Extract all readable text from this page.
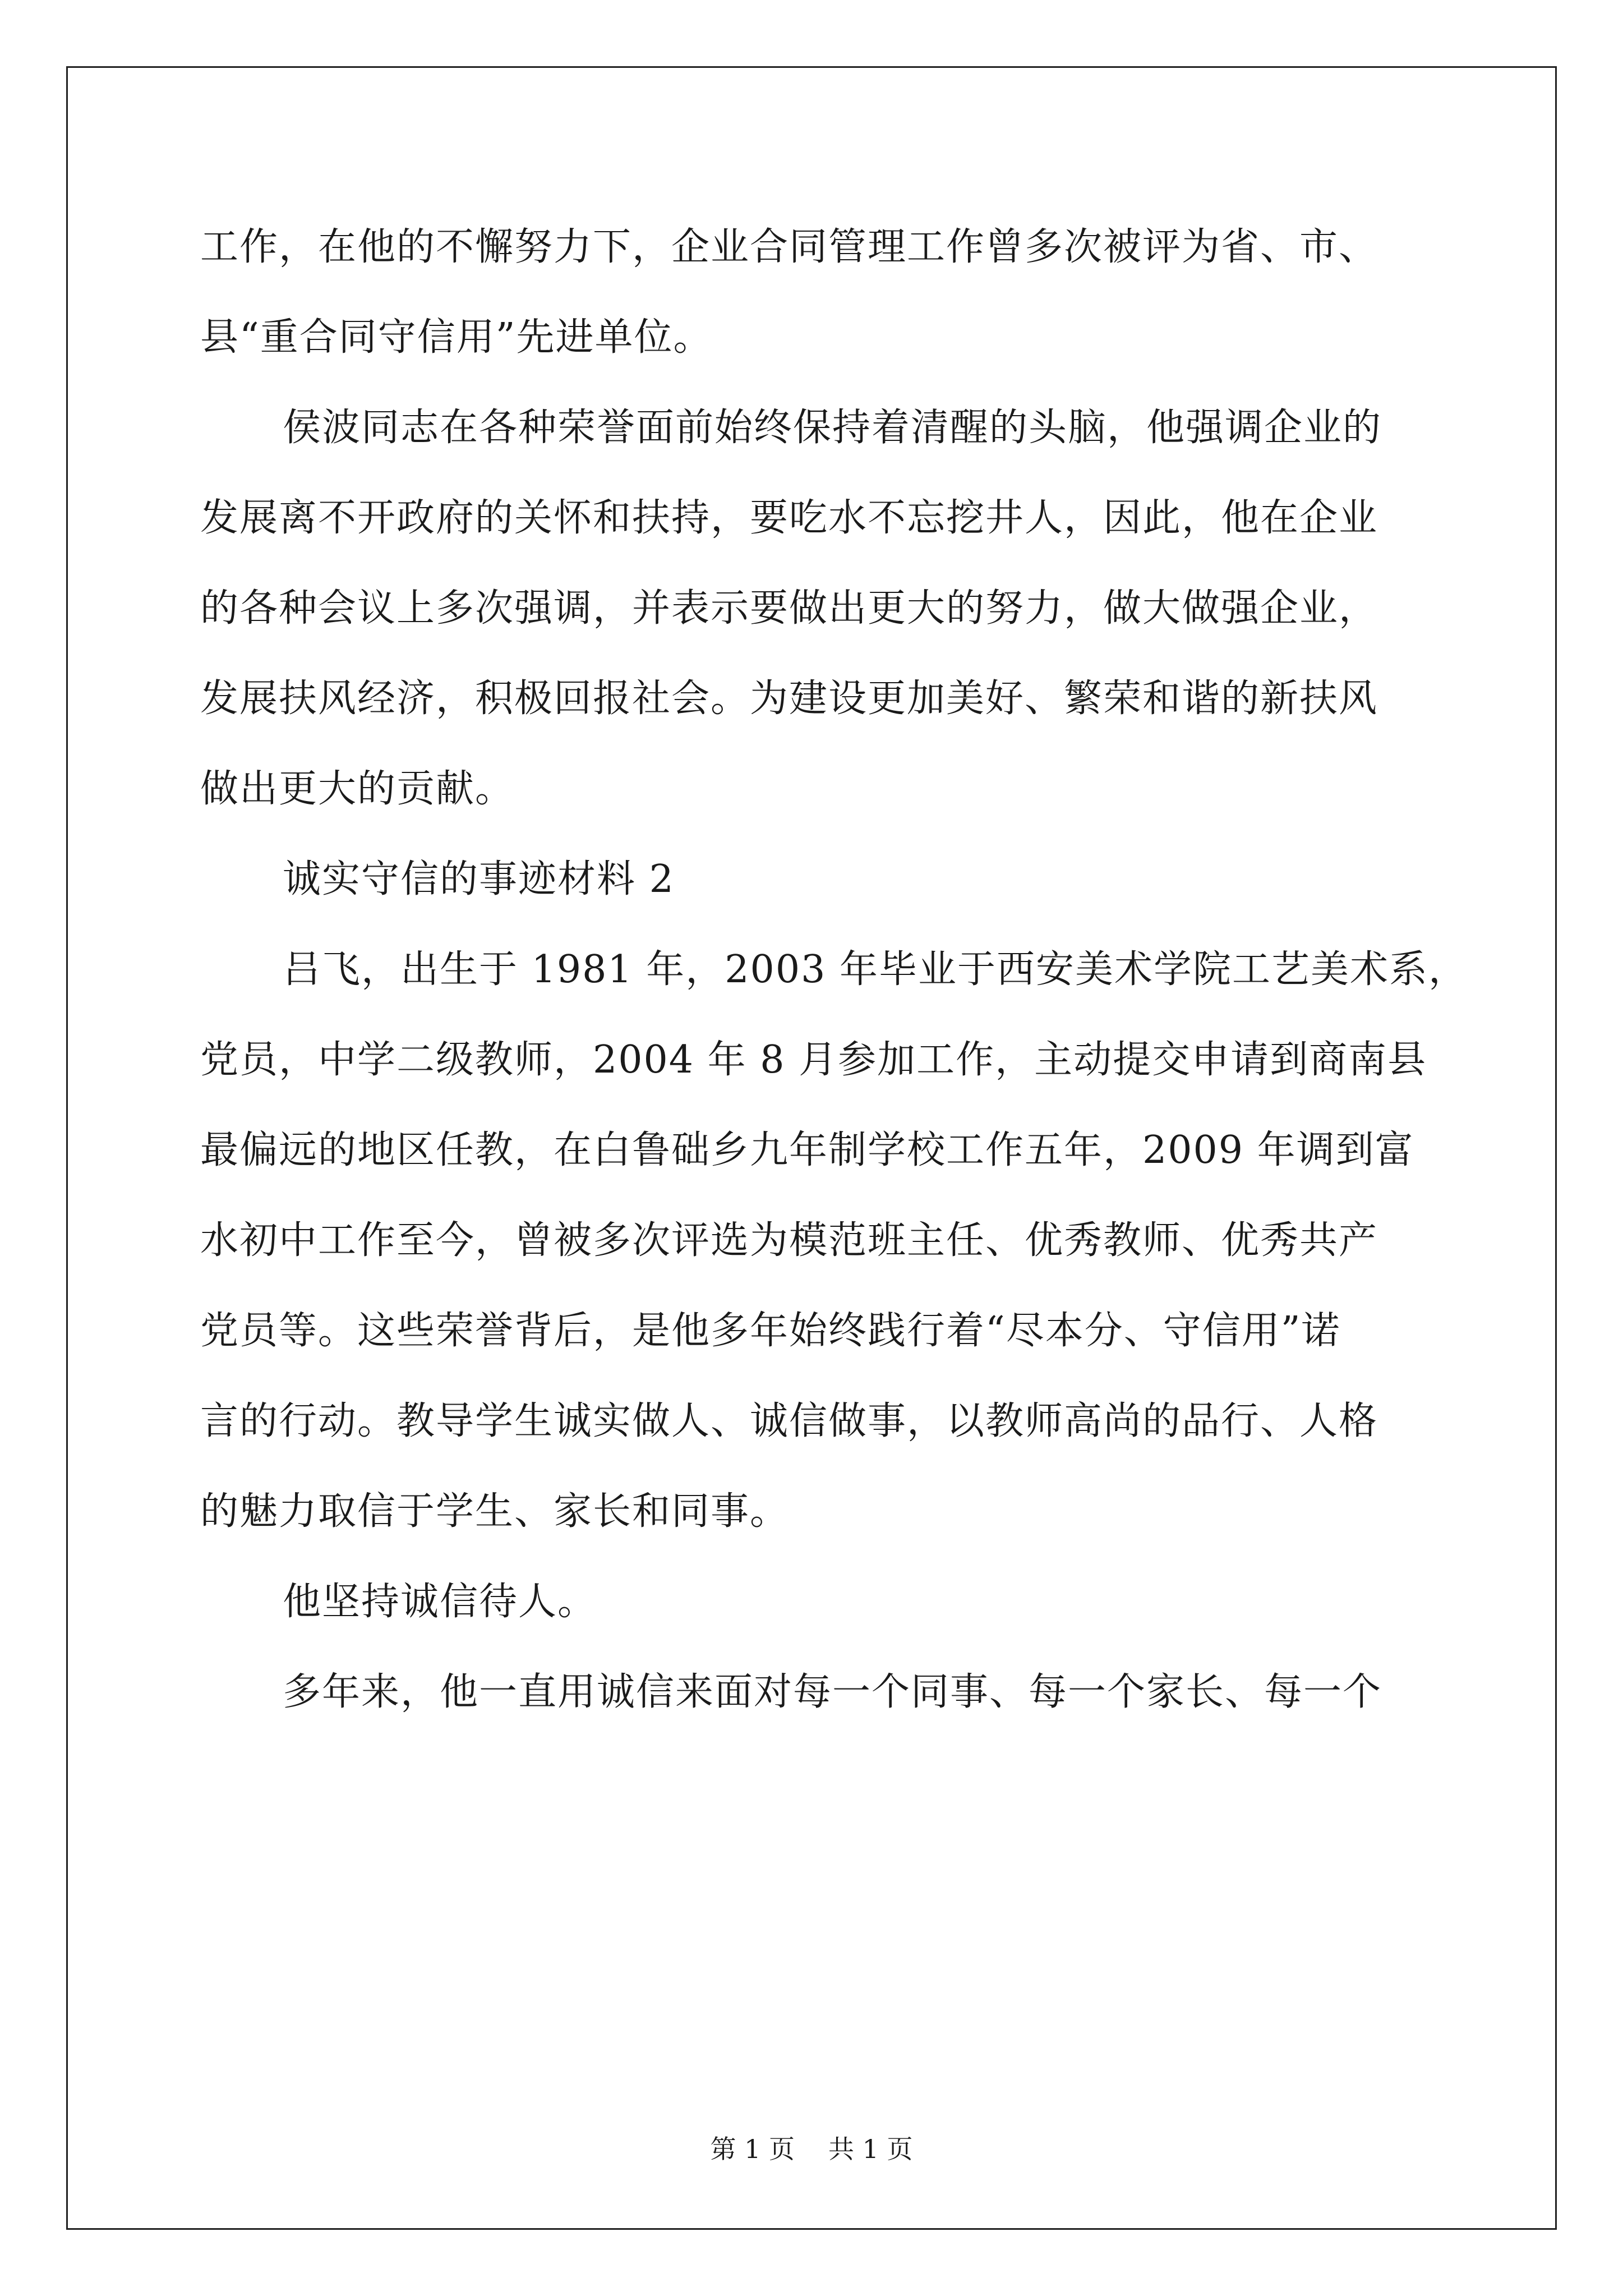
工作，在他的不懈努力下，企业合同管理工作曾多次被评为省、市、
县“重合同守信用”先进单位。
侯波同志在各种荣誉面前始终保持着清醒的头脑，他强调企业的
发展离不开政府的关怀和扶持，要吃水不忘挖井人，因此，他在企业
的各种会议上多次强调，并表示要做出更大的努力，做大做强企业，
发展扶风经济，积极回报社会。为建设更加美好、繁荣和谐的新扶风
做出更大的贡献。
诚实守信的事迹材料 2
吕飞，出生于 1981 年，2003 年毕业于西安美术学院工艺美术系，
党员，中学二级教师，2004 年 8 月参加工作，主动提交申请到商南县
最偏远的地区任教，在白鲁础乡九年制学校工作五年，2009 年调到富
水初中工作至今，曾被多次评选为模范班主任、优秀教师、优秀共产
党员等。这些荣誉背后，是他多年始终践行着“尽本分、守信用”诺
言的行动。教导学生诚实做人、诚信做事，以教师高尚的品行、人格
的魅力取信于学生、家长和同事。
他坚持诚信待人。
多年来，他一直用诚信来面对每一个同事、每一个家长、每一个
第 1 页 共 1 页
